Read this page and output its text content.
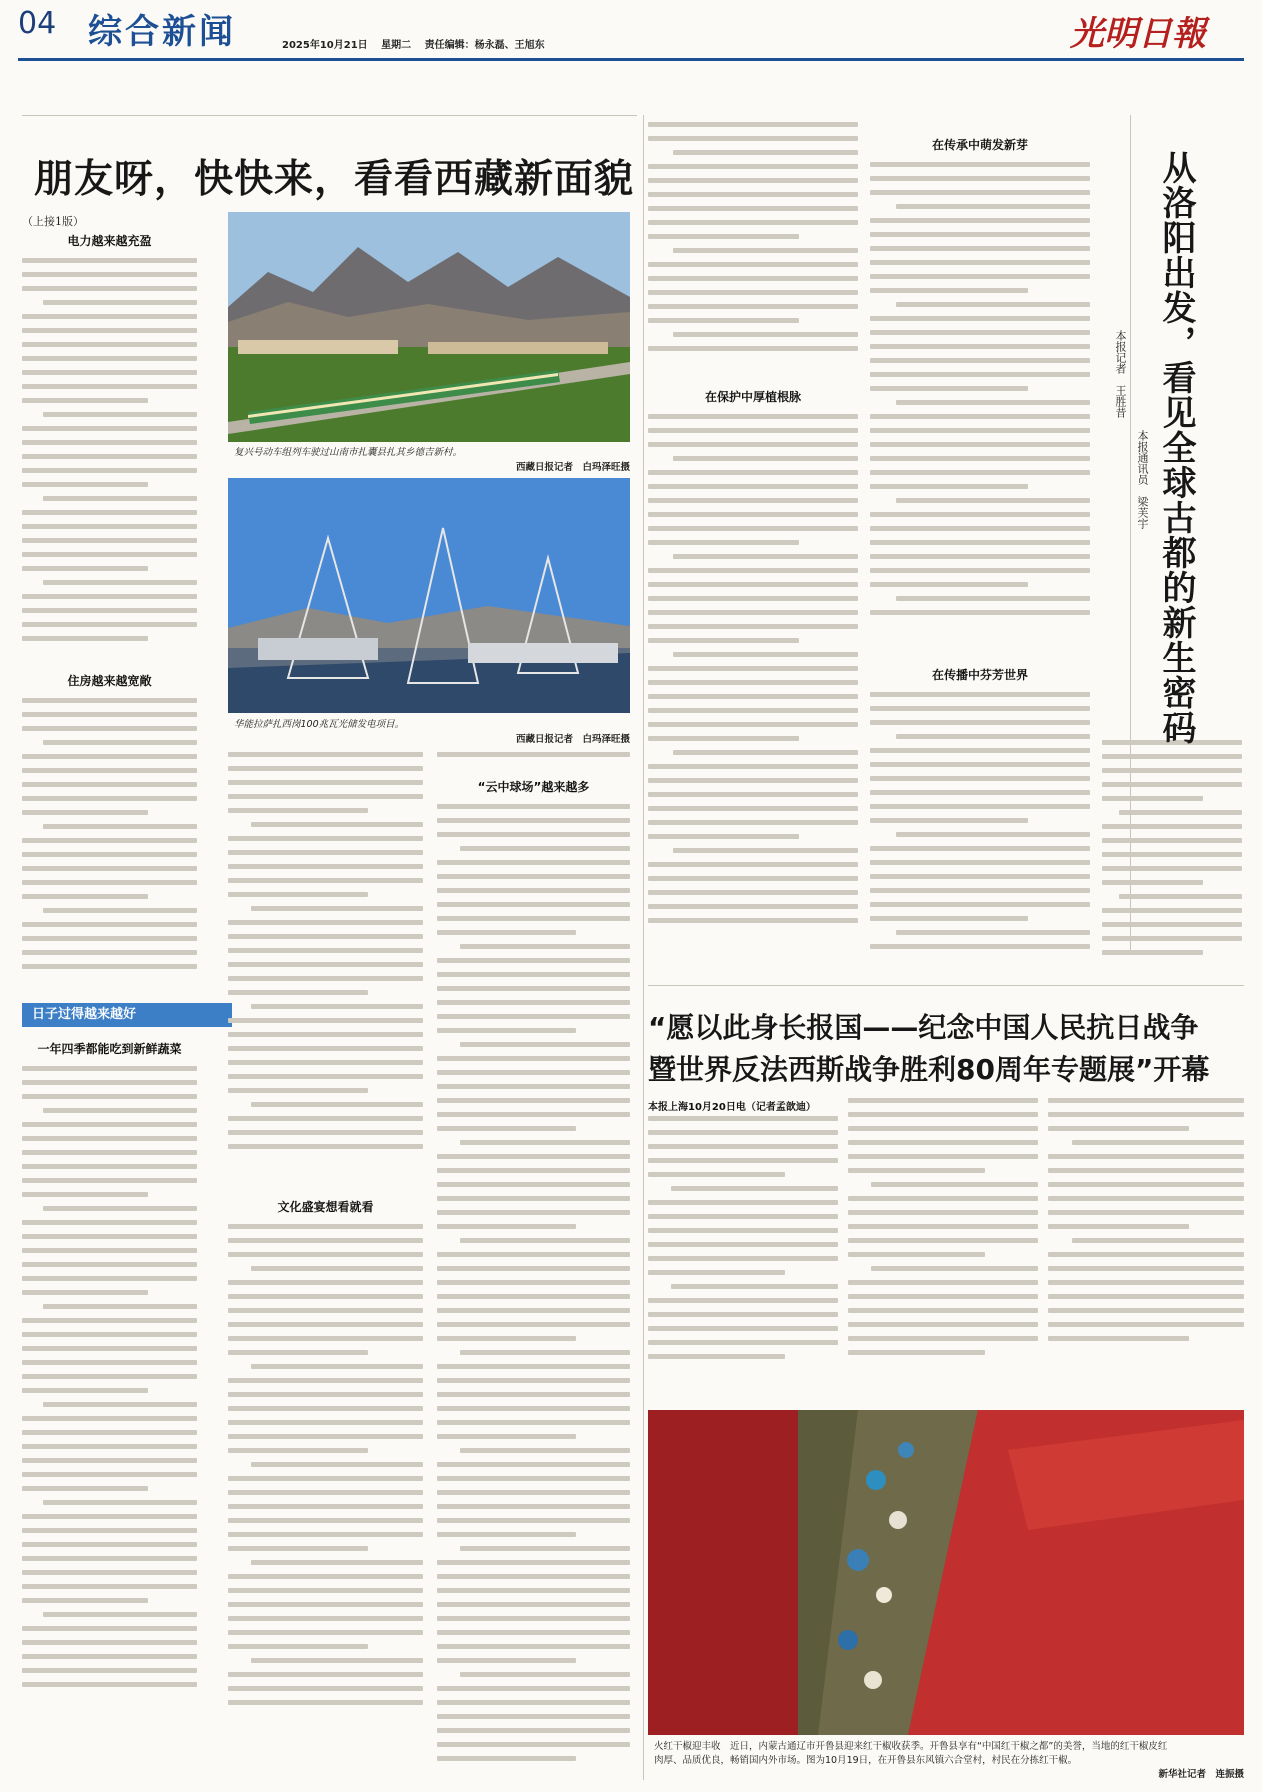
04 综合新闻	2025年10月21日 星期二 责任编辑：杨永磊、王旭东	光明日報
朋友呀，快快来，看看西藏新面貌
（上接1版）
电力越来越充盈
住房越来越宽敞
日子过得越来越好
一年四季都能吃到新鲜蔬菜
复兴号动车组列车驶过山南市扎囊县扎其乡德吉新村。
西藏日报记者　白玛泽旺摄
华能拉萨扎西岗100兆瓦光储发电项目。
西藏日报记者　白玛泽旺摄
文化盛宴想看就看
“云中球场”越来越多
在保护中厚植根脉
在传承中萌发新芽
在传播中芬芳世界	从洛阳出发，看见全球古都的新生密码
本报记者　王胜昔
本报通讯员　梁芙宇
“愿以此身长报国——纪念中国人民抗日战争
暨世界反法西斯战争胜利80周年专题展”开幕
本报上海10月20日电（记者孟歆迪）
火红干椒迎丰收　近日，内蒙古通辽市开鲁县迎来红干椒收获季。开鲁县享有“中国红干椒之都”的美誉，当地的红干椒皮红肉厚、品质优良，畅销国内外市场。图为10月19日，在开鲁县东风镇六合堂村，村民在分拣红干椒。
新华社记者　连振摄
